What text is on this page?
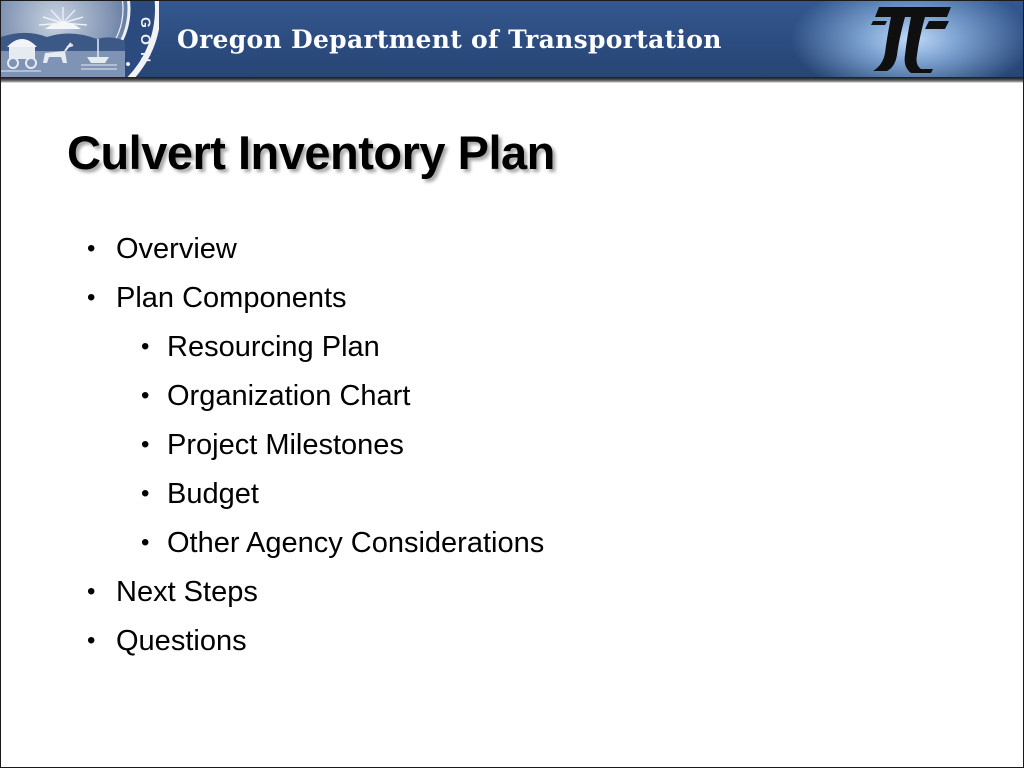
G
O
N
Oregon Department of Transportation
Culvert Inventory Plan
• Overview
• Plan Components
• Resourcing Plan
• Organization Chart
• Project Milestones
• Budget
• Other Agency Considerations
• Next Steps
• Questions
